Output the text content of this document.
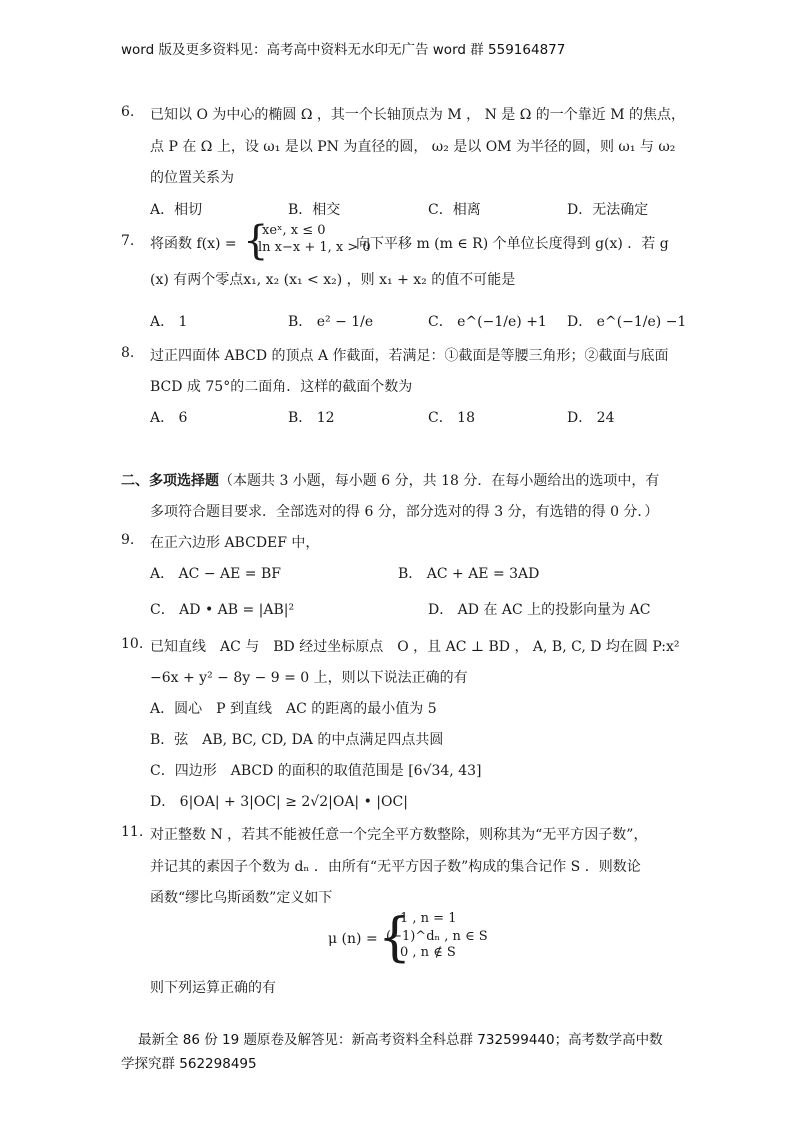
word 版及更多资料见：高考高中资料无水印无广告 word 群 559164877
6. 已知以 O 为中心的椭圆 Ω ，其一个长轴顶点为 M ， N 是 Ω 的一个靠近 M 的焦点，
点 P 在 Ω 上，设 ω₁ 是以 PN 为直径的圆， ω₂ 是以 OM 为半径的圆，则 ω₁ 与 ω₂
的位置关系为
A．相切	B．相交	C．相离	D．无法确定
7. 将函数 f(x) = {
xeˣ, x ≤ 0
ln x−x + 1, x > 0
向下平移 m (m ∈ R) 个单位长度得到 g(x) ．若 g
(x) 有两个零点x₁, x₂ (x₁ < x₂) ，则 x₁ + x₂ 的值不可能是
A． 1	B． e² − 1/e	C． e^(−1/e) +1 D． e^(−1/e) −1
8. 过正四面体 ABCD 的顶点 A 作截面，若满足：①截面是等腰三角形；②截面与底面
BCD 成 75°的二面角．这样的截面个数为
A． 6	B． 12	C． 18	D． 24
二、多项选择题（本题共 3 小题，每小题 6 分，共 18 分．在每小题给出的选项中，有
多项符合题目要求．全部选对的得 6 分，部分选对的得 3 分，有选错的得 0 分．）
9. 在正六边形 ABCDEF 中，
A． AC − AE = BF	B． AC + AE = 3AD
C． AD • AB = |AB|²	D． AD 在 AC 上的投影向量为 AC
10. 已知直线　AC 与　BD 经过坐标原点　O ，且 AC ⊥ BD ， A, B, C, D 均在圆 P:x²
−6x + y² − 8y − 9 = 0 上，则以下说法正确的有
A．圆心　P 到直线　AC 的距离的最小值为 5
B．弦　AB, BC, CD, DA 的中点满足四点共圆
C．四边形　ABCD 的面积的取值范围是 [6√34, 43]
D． 6|OA| + 3|OC| ≥ 2√2|OA| • |OC|
11. 对正整数 N ，若其不能被任意一个完全平方数整除，则称其为“无平方因子数”，
并记其的素因子个数为 dₙ ．由所有“无平方因子数”构成的集合记作 S ．则数论
函数“缪比乌斯函数”定义如下
μ (n) = {
1 , n = 1
(−1)^dₙ , n ∈ S
0 , n ∉ S
则下列运算正确的有
最新全 86 份 19 题原卷及解答见：新高考资料全科总群 732599440；高考数学高中数
学探究群 562298495
